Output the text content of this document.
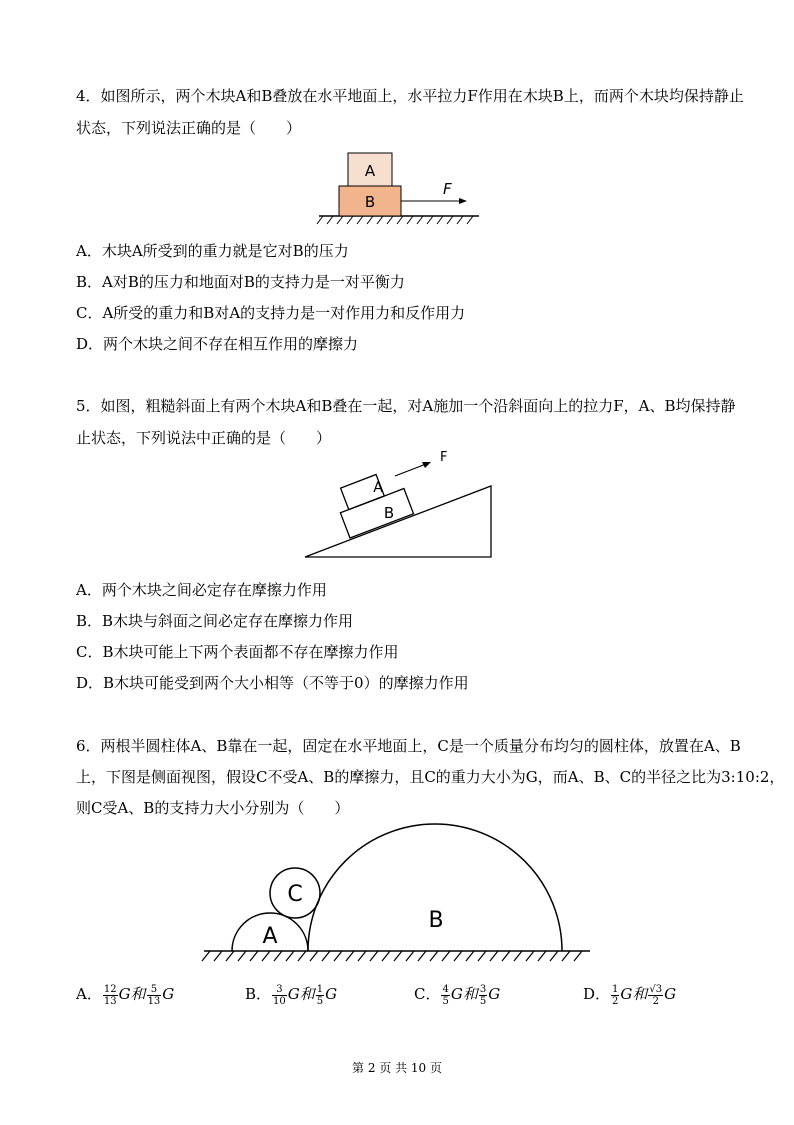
4．如图所示，两个木块A和B叠放在水平地面上，水平拉力F作用在木块B上，而两个木块均保持静止
状态，下列说法正确的是（　　）
A
B
F
A．木块A所受到的重力就是它对B的压力
B．A对B的压力和地面对B的支持力是一对平衡力
C．A所受的重力和B对A的支持力是一对作用力和反作用力
D．两个木块之间不存在相互作用的摩擦力
5．如图，粗糙斜面上有两个木块A和B叠在一起，对A施加一个沿斜面向上的拉力F，A、B均保持静
止状态，下列说法中正确的是（　　）
B
A
F
A．两个木块之间必定存在摩擦力作用
B．B木块与斜面之间必定存在摩擦力作用
C．B木块可能上下两个表面都不存在摩擦力作用
D．B木块可能受到两个大小相等（不等于0）的摩擦力作用
6．两根半圆柱体A、B靠在一起，固定在水平地面上，C是一个质量分布均匀的圆柱体，放置在A、B
上，下图是侧面视图，假设C不受A、B的摩擦力，且C的重力大小为G，而A、B、C的半径之比为3:10:2，
则C受A、B的支持力大小分别为（　　）
A
C
B
A． $\frac{12}{13}$ G和 $\frac{5}{13}$ G	B． $\frac{3}{10}$ G和 $\frac{1}{5}$ G	C． $\frac{4}{5}$ G和 $\frac{3}{5}$ G	D． $\frac{1}{2}$ G和 $\frac{√3}{2}$ G
第 2 页 共 10 页
